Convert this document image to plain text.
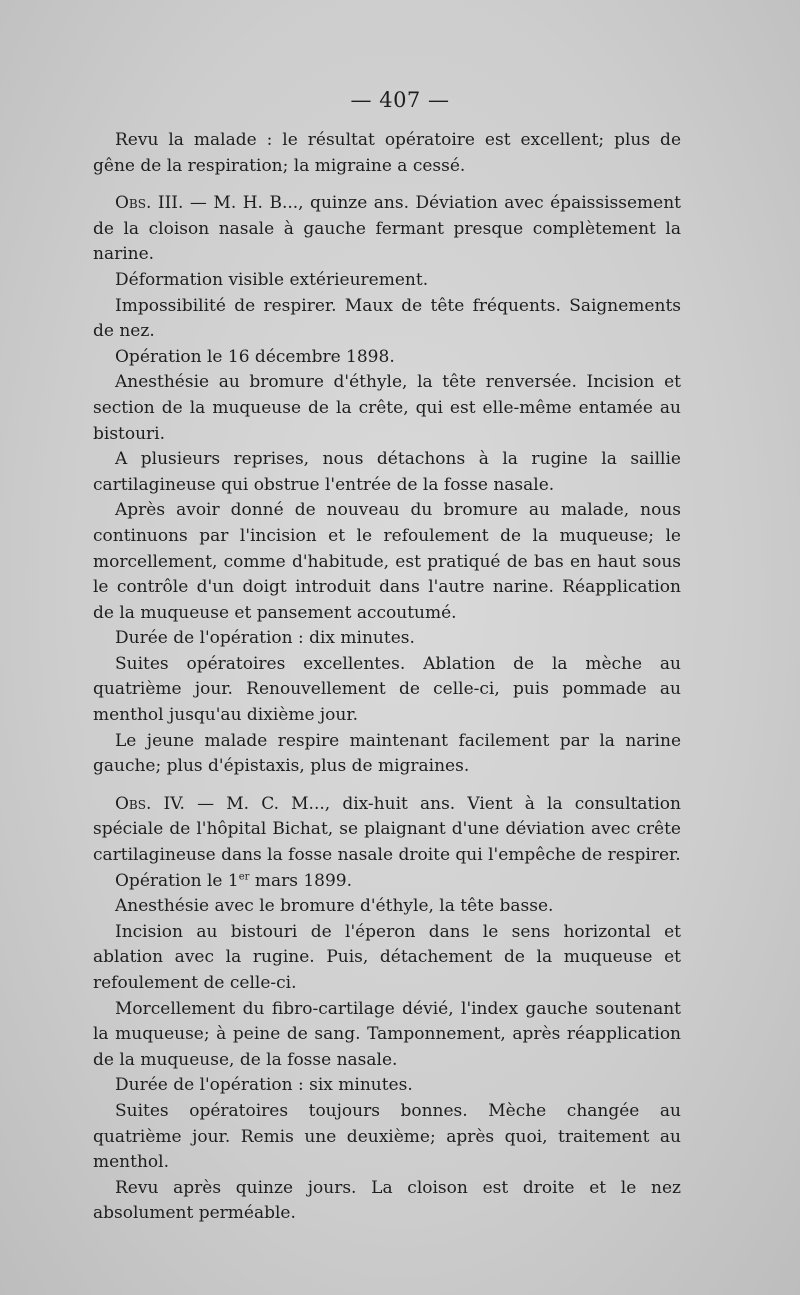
— 407 —

Revu la malade : le résultat opératoire est excellent; plus de gêne de la respiration; la migraine a cessé.

Obs. III. — M. H. B..., quinze ans. Déviation avec épaississement de la cloison nasale à gauche fermant presque complètement la narine.

Déformation visible extérieurement.

Impossibilité de respirer. Maux de tête fréquents. Saignements de nez.

Opération le 16 décembre 1898.

Anesthésie au bromure d'éthyle, la tête renversée. Incision et section de la muqueuse de la crête, qui est elle-même entamée au bistouri.

A plusieurs reprises, nous détachons à la rugine la saillie cartilagineuse qui obstrue l'entrée de la fosse nasale.

Après avoir donné de nouveau du bromure au malade, nous continuons par l'incision et le refoulement de la muqueuse; le morcellement, comme d'habitude, est pratiqué de bas en haut sous le contrôle d'un doigt introduit dans l'autre narine. Réapplication de la muqueuse et pansement accoutumé.

Durée de l'opération : dix minutes.

Suites opératoires excellentes. Ablation de la mèche au quatrième jour. Renouvellement de celle-ci, puis pommade au menthol jusqu'au dixième jour.

Le jeune malade respire maintenant facilement par la narine gauche; plus d'épistaxis, plus de migraines.

Obs. IV. — M. C. M..., dix-huit ans. Vient à la consultation spéciale de l'hôpital Bichat, se plaignant d'une déviation avec crête cartilagineuse dans la fosse nasale droite qui l'empêche de respirer.

Opération le 1er mars 1899.

Anesthésie avec le bromure d'éthyle, la tête basse.

Incision au bistouri de l'éperon dans le sens horizontal et ablation avec la rugine. Puis, détachement de la muqueuse et refoulement de celle-ci.

Morcellement du fibro-cartilage dévié, l'index gauche soutenant la muqueuse; à peine de sang. Tamponnement, après réapplication de la muqueuse, de la fosse nasale.

Durée de l'opération : six minutes.

Suites opératoires toujours bonnes. Mèche changée au quatrième jour. Remis une deuxième; après quoi, traitement au menthol.

Revu après quinze jours. La cloison est droite et le nez absolument perméable.
